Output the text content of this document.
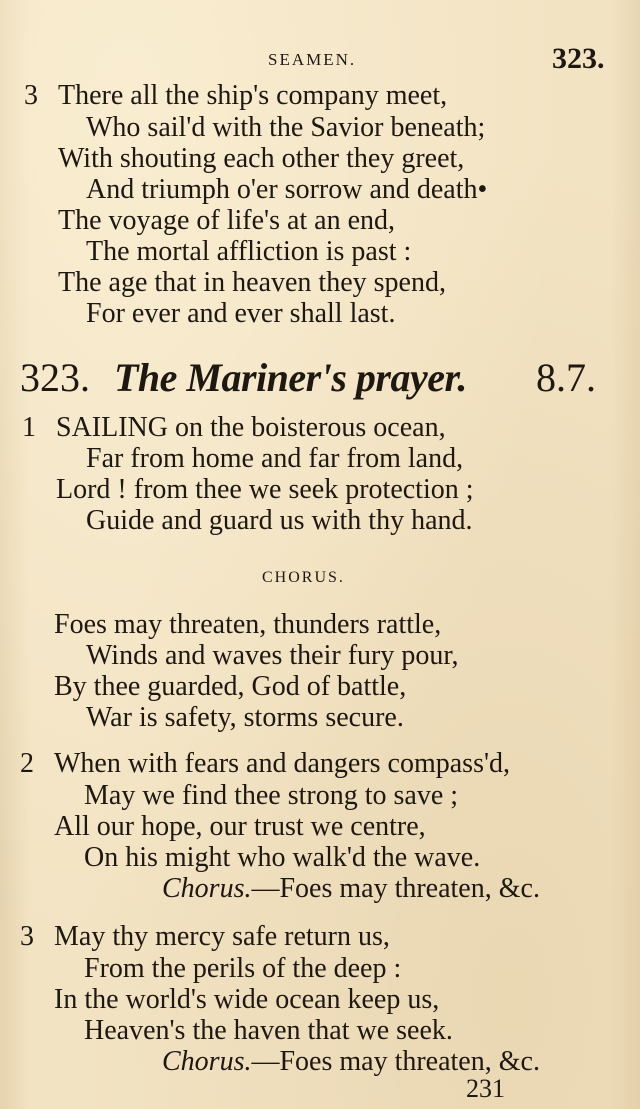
SEAMEN.	323.
3 There all the ship's company meet,
Who sail'd with the Savior beneath;
With shouting each other they greet,
And triumph o'er sorrow and death•
The voyage of life's at an end,
The mortal affliction is past :
The age that in heaven they spend,
For ever and ever shall last.
323. The Mariner's prayer. 8.7.
1 SAILING on the boisterous ocean,
Far from home and far from land,
Lord ! from thee we seek protection ;
Guide and guard us with thy hand.
CHORUS.
Foes may threaten, thunders rattle,
Winds and waves their fury pour,
By thee guarded, God of battle,
War is safety, storms secure.
2 When with fears and dangers compass'd,
May we find thee strong to save ;
All our hope, our trust we centre,
On his might who walk'd the wave.
Chorus.—Foes may threaten, &c.
3 May thy mercy safe return us,
From the perils of the deep :
In the world's wide ocean keep us,
Heaven's the haven that we seek.
Chorus.—Foes may threaten, &c.
231
